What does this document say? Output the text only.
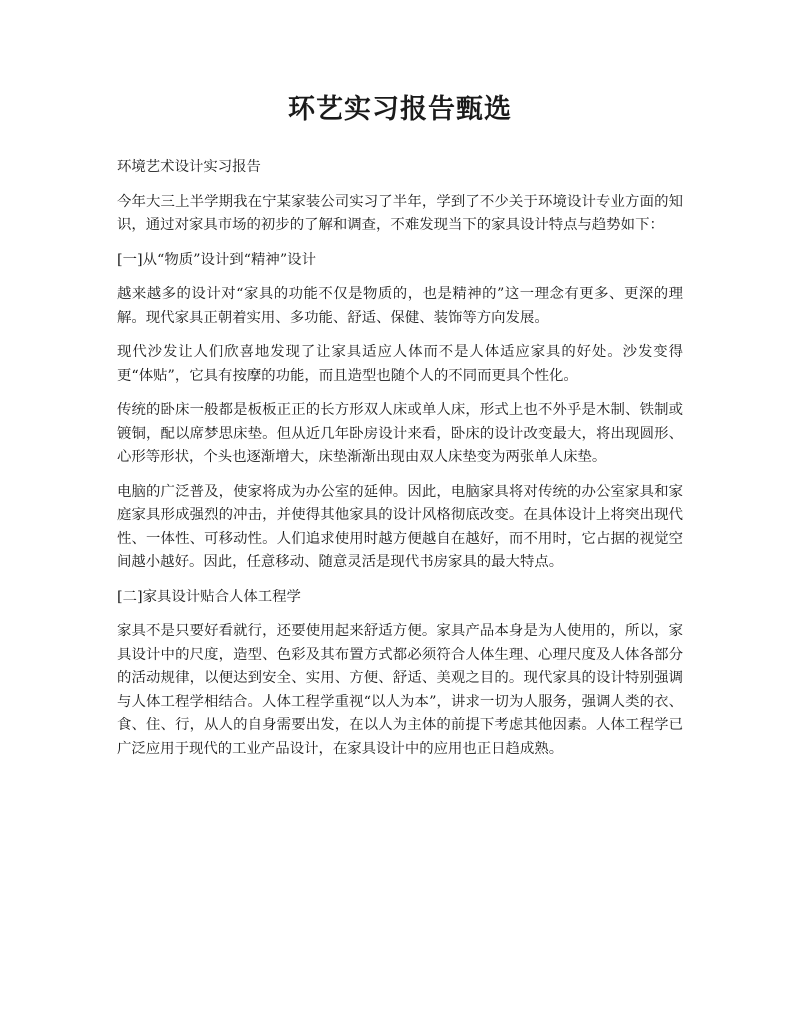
环艺实习报告甄选

环境艺术设计实习报告

今年大三上半学期我在宁某家装公司实习了半年，学到了不少关于环境设计专业方面的知识，通过对家具市场的初步的了解和调查，不难发现当下的家具设计特点与趋势如下：

[一]从“物质”设计到“精神”设计

越来越多的设计对“家具的功能不仅是物质的，也是精神的”这一理念有更多、更深的理解。现代家具正朝着实用、多功能、舒适、保健、装饰等方向发展。

现代沙发让人们欣喜地发现了让家具适应人体而不是人体适应家具的好处。沙发变得更“体贴”，它具有按摩的功能，而且造型也随个人的不同而更具个性化。

传统的卧床一般都是板板正正的长方形双人床或单人床，形式上也不外乎是木制、铁制或镀铜，配以席梦思床垫。但从近几年卧房设计来看，卧床的设计改变最大，将出现圆形、心形等形状，个头也逐渐增大，床垫渐渐出现由双人床垫变为两张单人床垫。

电脑的广泛普及，使家将成为办公室的延伸。因此，电脑家具将对传统的办公室家具和家庭家具形成强烈的冲击，并使得其他家具的设计风格彻底改变。在具体设计上将突出现代性、一体性、可移动性。人们追求使用时越方便越自在越好，而不用时，它占据的视觉空间越小越好。因此，任意移动、随意灵活是现代书房家具的最大特点。

[二]家具设计贴合人体工程学

家具不是只要好看就行，还要使用起来舒适方便。家具产品本身是为人使用的，所以，家具设计中的尺度，造型、色彩及其布置方式都必须符合人体生理、心理尺度及人体各部分的活动规律，以便达到安全、实用、方便、舒适、美观之目的。现代家具的设计特别强调与人体工程学相结合。人体工程学重视“以人为本”，讲求一切为人服务，强调人类的衣、食、住、行，从人的自身需要出发，在以人为主体的前提下考虑其他因素。人体工程学已广泛应用于现代的工业产品设计，在家具设计中的应用也正日趋成熟。
